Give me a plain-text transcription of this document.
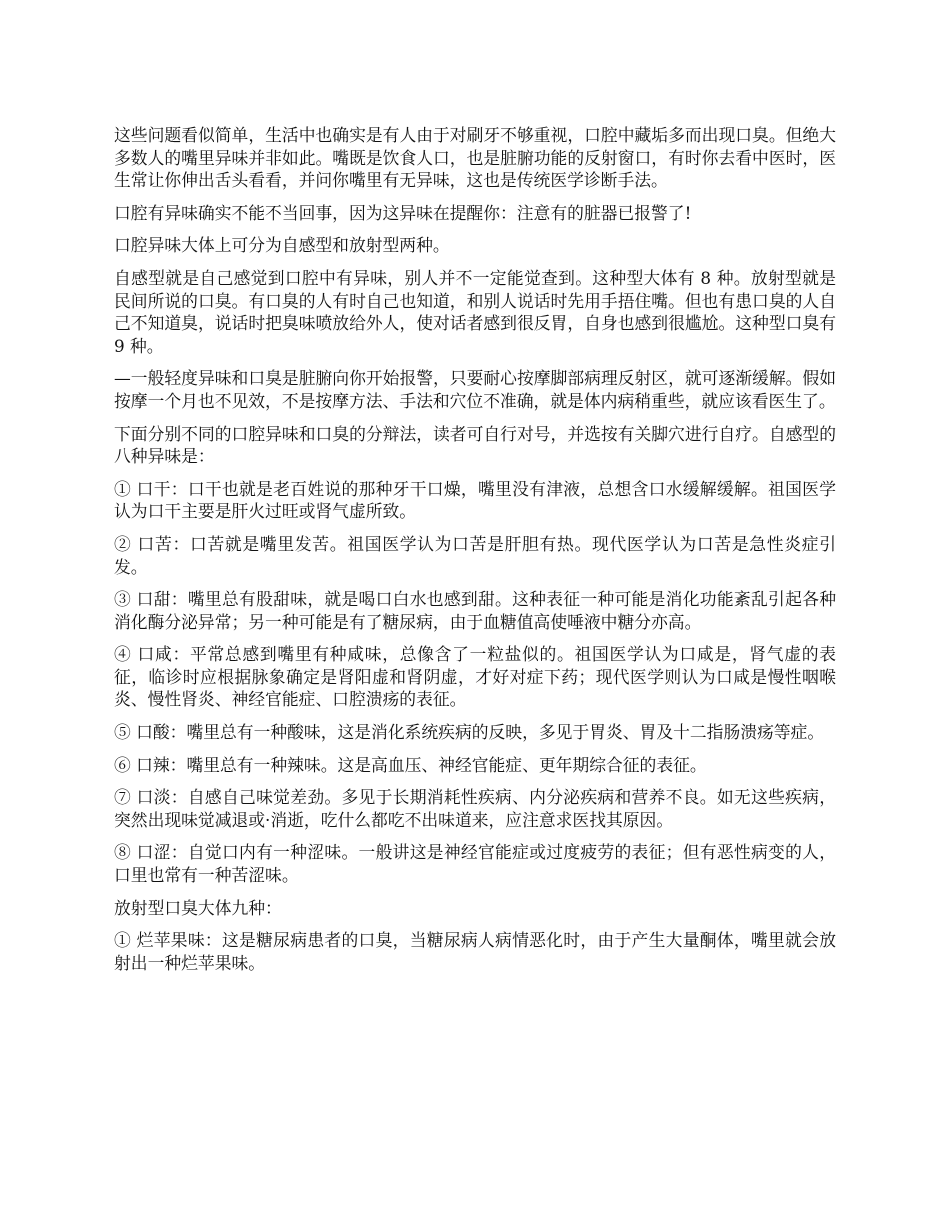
这些问题看似简单，生活中也确实是有人由于对刷牙不够重视，口腔中藏垢多而出现口臭。但绝大多数人的嘴里异味并非如此。嘴既是饮食人口，也是脏腑功能的反射窗口，有时你去看中医时，医生常让你伸出舌头看看，并问你嘴里有无异味，这也是传统医学诊断手法。

口腔有异味确实不能不当回事，因为这异味在提醒你：注意有的脏器已报警了!

口腔异味大体上可分为自感型和放射型两种。

自感型就是自己感觉到口腔中有异味，别人并不一定能觉查到。这种型大体有 8 种。放射型就是民间所说的口臭。有口臭的人有时自己也知道，和别人说话时先用手捂住嘴。但也有患口臭的人自己不知道臭，说话时把臭味喷放给外人，使对话者感到很反胃，自身也感到很尴尬。这种型口臭有 9 种。

—一般轻度异味和口臭是脏腑向你开始报警，只要耐心按摩脚部病理反射区，就可逐渐缓解。假如按摩一个月也不见效，不是按摩方法、手法和穴位不准确，就是体内病稍重些，就应该看医生了。

下面分别不同的口腔异味和口臭的分辩法，读者可自行对号，并选按有关脚穴进行自疗。自感型的八种异味是：

① 口干：口干也就是老百姓说的那种牙干口燥，嘴里没有津液，总想含口水缓解缓解。祖国医学认为口干主要是肝火过旺或肾气虚所致。

② 口苦：口苦就是嘴里发苦。祖国医学认为口苦是肝胆有热。现代医学认为口苦是急性炎症引发。

③ 口甜：嘴里总有股甜味，就是喝口白水也感到甜。这种表征一种可能是消化功能紊乱引起各种消化酶分泌异常；另一种可能是有了糖尿病，由于血糖值高使唾液中糖分亦高。

④ 口咸：平常总感到嘴里有种咸味，总像含了一粒盐似的。祖国医学认为口咸是，肾气虚的表征，临诊时应根据脉象确定是肾阳虚和肾阴虚，才好对症下药；现代医学则认为口咸是慢性咽喉炎、慢性肾炎、神经官能症、口腔溃疡的表征。

⑤ 口酸：嘴里总有一种酸味，这是消化系统疾病的反映，多见于胃炎、胃及十二指肠溃疡等症。

⑥ 口辣：嘴里总有一种辣味。这是高血压、神经官能症、更年期综合征的表征。

⑦ 口淡：自感自己味觉差劲。多见于长期消耗性疾病、内分泌疾病和营养不良。如无这些疾病，突然出现味觉减退或·消逝，吃什么都吃不出味道来，应注意求医找其原因。

⑧ 口涩：自觉口内有一种涩味。一般讲这是神经官能症或过度疲劳的表征；但有恶性病变的人，口里也常有一种苦涩味。

放射型口臭大体九种：

① 烂苹果味：这是糖尿病患者的口臭，当糖尿病人病情恶化时，由于产生大量酮体，嘴里就会放射出一种烂苹果味。
